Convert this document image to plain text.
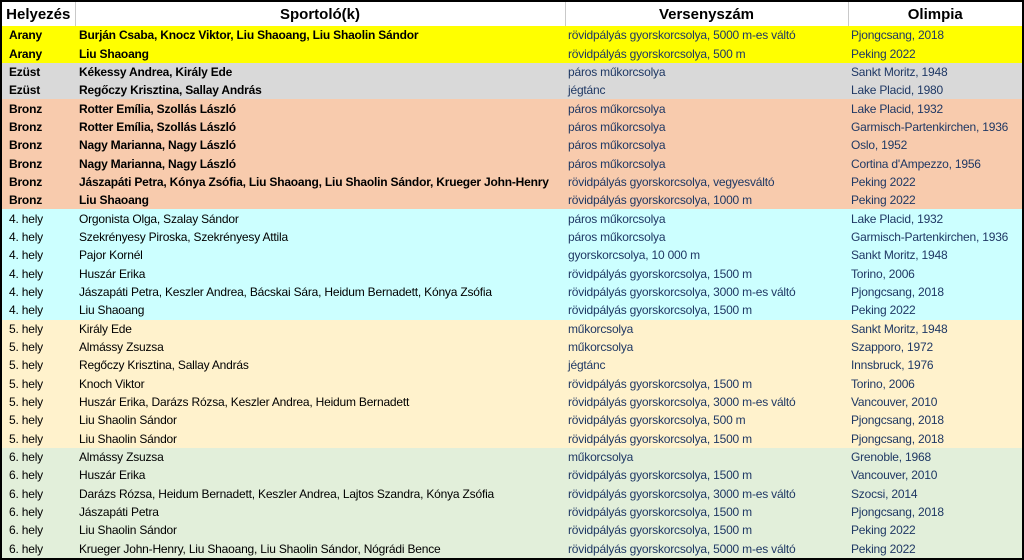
Helyezés	Sportoló(k)	Versenyszám	Olimpia
Arany	Burján Csaba, Knocz Viktor, Liu Shaoang, Liu Shaolin Sándor	rövidpályás gyorskorcsolya, 5000 m-es váltó	Pjongcsang, 2018
Arany	Liu Shaoang	rövidpályás gyorskorcsolya, 500 m	Peking 2022
Ezüst	Kékessy Andrea, Király Ede	páros műkorcsolya	Sankt Moritz, 1948
Ezüst	Regőczy Krisztina, Sallay András	jégtánc	Lake Placid, 1980
Bronz	Rotter Emília, Szollás László	páros műkorcsolya	Lake Placid, 1932
Bronz	Rotter Emília, Szollás László	páros műkorcsolya	Garmisch-Partenkirchen, 1936
Bronz	Nagy Marianna, Nagy László	páros műkorcsolya	Oslo, 1952
Bronz	Nagy Marianna, Nagy László	páros műkorcsolya	Cortina d'Ampezzo, 1956
Bronz	Jászapáti Petra, Kónya Zsófia, Liu Shaoang, Liu Shaolin Sándor, Krueger John-Henry	rövidpályás gyorskorcsolya, vegyesváltó	Peking 2022
Bronz	Liu Shaoang	rövidpályás gyorskorcsolya, 1000 m	Peking 2022
4. hely	Orgonista Olga, Szalay Sándor	páros műkorcsolya	Lake Placid, 1932
4. hely	Szekrényesy Piroska, Szekrényesy Attila	páros műkorcsolya	Garmisch-Partenkirchen, 1936
4. hely	Pajor Kornél	gyorskorcsolya, 10 000 m	Sankt Moritz, 1948
4. hely	Huszár Erika	rövidpályás gyorskorcsolya, 1500 m	Torino, 2006
4. hely	Jászapáti Petra, Keszler Andrea, Bácskai Sára, Heidum Bernadett, Kónya Zsófia	rövidpályás gyorskorcsolya, 3000 m-es váltó	Pjongcsang, 2018
4. hely	Liu Shaoang	rövidpályás gyorskorcsolya, 1500 m	Peking 2022
5. hely	Király Ede	műkorcsolya	Sankt Moritz, 1948
5. hely	Almássy Zsuzsa	műkorcsolya	Szapporo, 1972
5. hely	Regőczy Krisztina, Sallay András	jégtánc	Innsbruck, 1976
5. hely	Knoch Viktor	rövidpályás gyorskorcsolya, 1500 m	Torino, 2006
5. hely	Huszár Erika, Darázs Rózsa, Keszler Andrea, Heidum Bernadett	rövidpályás gyorskorcsolya, 3000 m-es váltó	Vancouver, 2010
5. hely	Liu Shaolin Sándor	rövidpályás gyorskorcsolya, 500 m	Pjongcsang, 2018
5. hely	Liu Shaolin Sándor	rövidpályás gyorskorcsolya, 1500 m	Pjongcsang, 2018
6. hely	Almássy Zsuzsa	műkorcsolya	Grenoble, 1968
6. hely	Huszár Erika	rövidpályás gyorskorcsolya, 1500 m	Vancouver, 2010
6. hely	Darázs Rózsa, Heidum Bernadett, Keszler Andrea, Lajtos Szandra, Kónya Zsófia	rövidpályás gyorskorcsolya, 3000 m-es váltó	Szocsi, 2014
6. hely	Jászapáti Petra	rövidpályás gyorskorcsolya, 1500 m	Pjongcsang, 2018
6. hely	Liu Shaolin Sándor	rövidpályás gyorskorcsolya, 1500 m	Peking 2022
6. hely	Krueger John-Henry, Liu Shaoang, Liu Shaolin Sándor, Nógrádi Bence	rövidpályás gyorskorcsolya, 5000 m-es váltó	Peking 2022
